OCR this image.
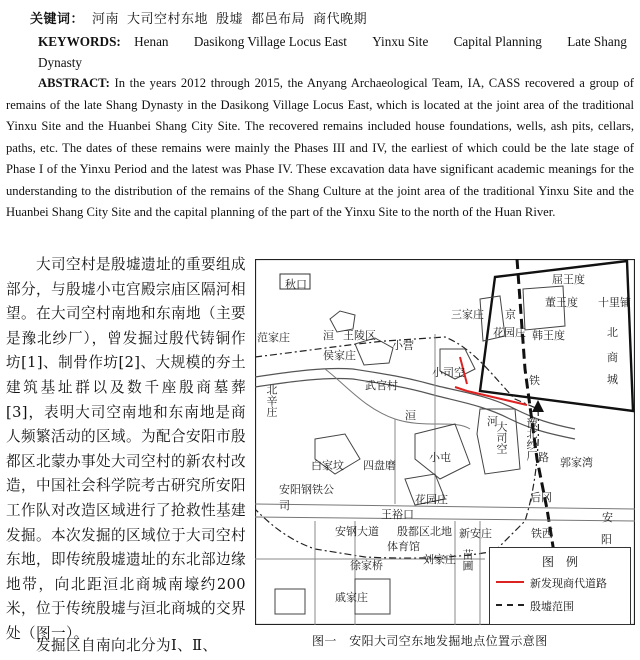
关键词： 河南 大司空村东地 殷墟 都邑布局 商代晚期
KEYWORDS: Henan Dasikong Village Locus East Yinxu Site Capital Planning Late Shang Dynasty
ABSTRACT: In the years 2012 through 2015, the Anyang Archaeological Team, IA, CASS recovered a group of remains of the late Shang Dynasty in the Dasikong Village Locus East, which is located at the joint area of the traditional Yinxu Site and the Huanbei Shang City Site. The recovered remains included house foundations, wells, ash pits, cellars, paths, etc. The dates of these remains were mainly the Phases III and IV, the earliest of which could be the late stage of Phase I of the Yinxu Period and the latest was Phase IV. These excavation data have significant academic meanings for the understanding to the distribution of the remains of the Shang Culture at the joint area of the traditional Yinxu Site and the Huanbei Shang City Site and the capital planning of the part of the Yinxu Site to the north of the Huan River.
大司空村是殷墟遗址的重要组成部分，与殷墟小屯宫殿宗庙区隔河相望。在大司空村南地和东南地（主要是豫北纱厂），曾发掘过殷代铸铜作坊[1]、制骨作坊[2]、大规模的夯土建筑基址群以及数千座殷商墓葬[3]，表明大司空南地和东南地是商人频繁活动的区域。为配合安阳市殷都区北蒙办事处大司空村的新农村改造，中国社会科学院考古研究所安阳工作队对改造区域进行了抢救性基建发掘。本次发掘的区域位于大司空村东地，即传统殷墟遗址的东北部边缘地带，向北距洹北商城南壕约200米，位于传统殷墟与洹北商城的交界处（图一）。
发掘区自南向北分为Ⅰ、Ⅱ、
秋口
三家庄 京
屈王度
董王度 十里铺
王陵区
范家庄
侯家庄
小营
洹	花园庄 韩王度	北
商
城
武官村
小司空
铁
北辛庄
豫北纱厂 路
大司空
小屯	郭家湾
白家坟 四盘磨
安阳钢铁公司	花园庄	后冈
王裕口
安钢大道 殷都区北地 新安庄	铁西
安
阳
体育馆
徐家桥	刘家庄 苗圃
戚家庄
洹	河
图　例
新发现商代道路
殷墟范围
图一　安阳大司空东地发掘地点位置示意图
